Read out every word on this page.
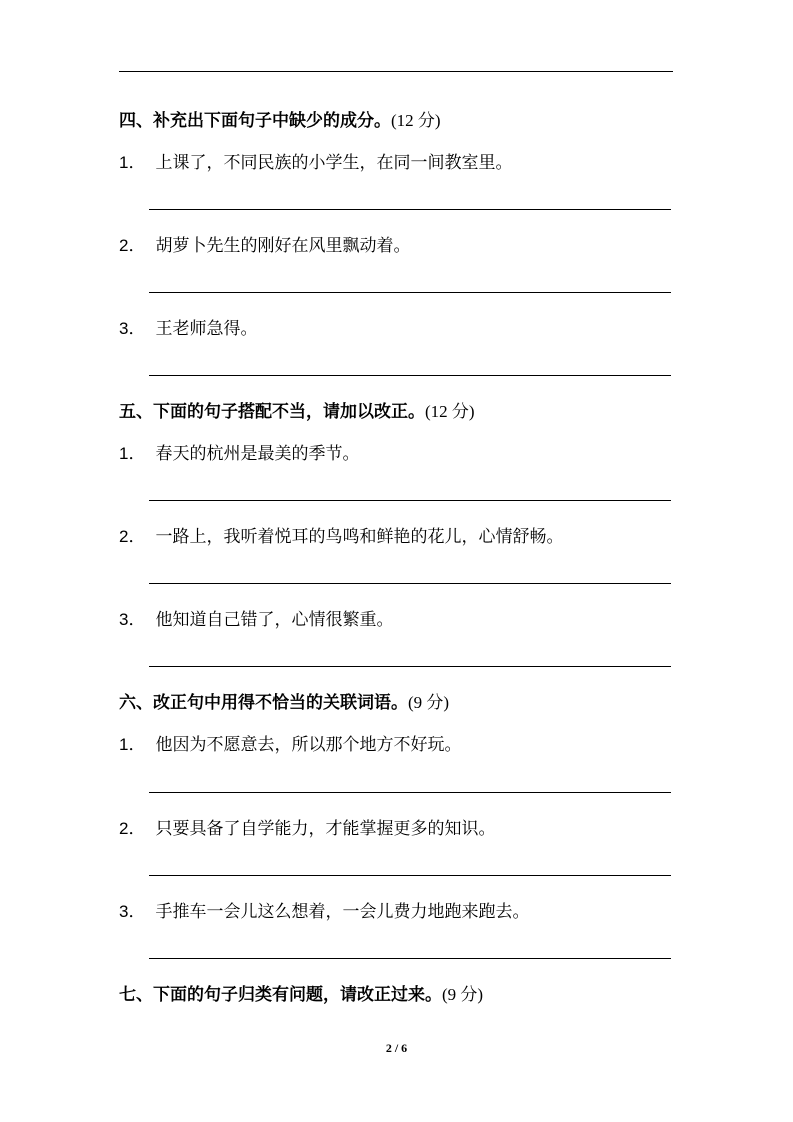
四、补充出下面句子中缺少的成分。(12 分)
1． 上课了，不同民族的小学生，在同一间教室里。
2． 胡萝卜先生的刚好在风里飘动着。
3． 王老师急得。
五、下面的句子搭配不当，请加以改正。(12 分)
1． 春天的杭州是最美的季节。
2． 一路上，我听着悦耳的鸟鸣和鲜艳的花儿，心情舒畅。
3． 他知道自己错了，心情很繁重。
六、改正句中用得不恰当的关联词语。(9 分)
1． 他因为不愿意去，所以那个地方不好玩。
2． 只要具备了自学能力，才能掌握更多的知识。
3． 手推车一会儿这么想着，一会儿费力地跑来跑去。
七、下面的句子归类有问题，请改正过来。(9 分)
2 / 6
